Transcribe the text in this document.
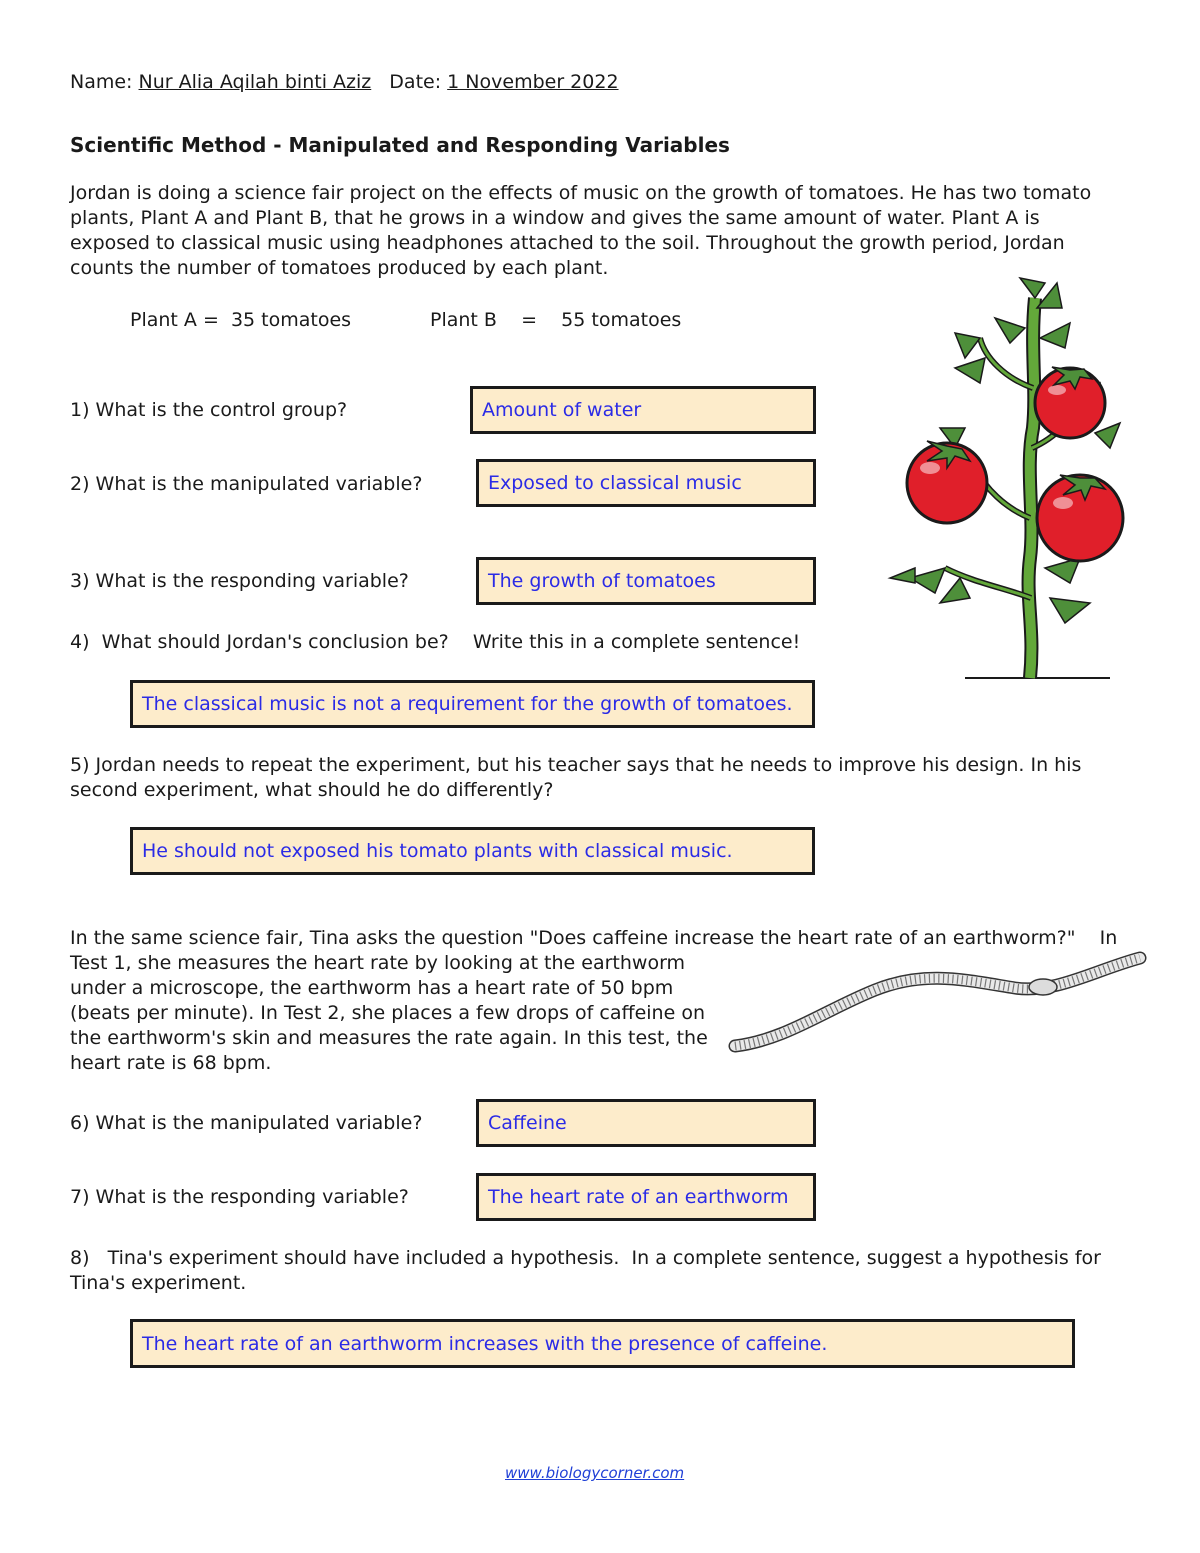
Name: Nur Alia Aqilah binti Aziz Date: 1 November 2022
Scientific Method - Manipulated and Responding Variables
Jordan is doing a science fair project on the effects of music on the growth of tomatoes. He has two tomato
plants, Plant A and Plant B, that he grows in a window and gives the same amount of water. Plant A is
exposed to classical music using headphones attached to the soil. Throughout the growth period, Jordan
counts the number of tomatoes produced by each plant.
Plant A =  35 tomatoes	Plant B    =    55 tomatoes
1) What is the control group?	Amount of water
2) What is the manipulated variable?	Exposed to classical music
3) What is the responding variable?	The growth of tomatoes
4)  What should Jordan's conclusion be?    Write this in a complete sentence!
The classical music is not a requirement for the growth of tomatoes.
5) Jordan needs to repeat the experiment, but his teacher says that he needs to improve his design. In his
second experiment, what should he do differently?
He should not exposed his tomato plants with classical music.
In the same science fair, Tina asks the question "Does caffeine increase the heart rate of an earthworm?"    In
Test 1, she measures the heart rate by looking at the earthworm
under a microscope, the earthworm has a heart rate of 50 bpm
(beats per minute). In Test 2, she places a few drops of caffeine on
the earthworm's skin and measures the rate again. In this test, the
heart rate is 68 bpm.
6) What is the manipulated variable?	Caffeine
7) What is the responding variable?	The heart rate of an earthworm
8)   Tina's experiment should have included a hypothesis.  In a complete sentence, suggest a hypothesis for
Tina's experiment.
The heart rate of an earthworm increases with the presence of caffeine.
www.biologycorner.com
